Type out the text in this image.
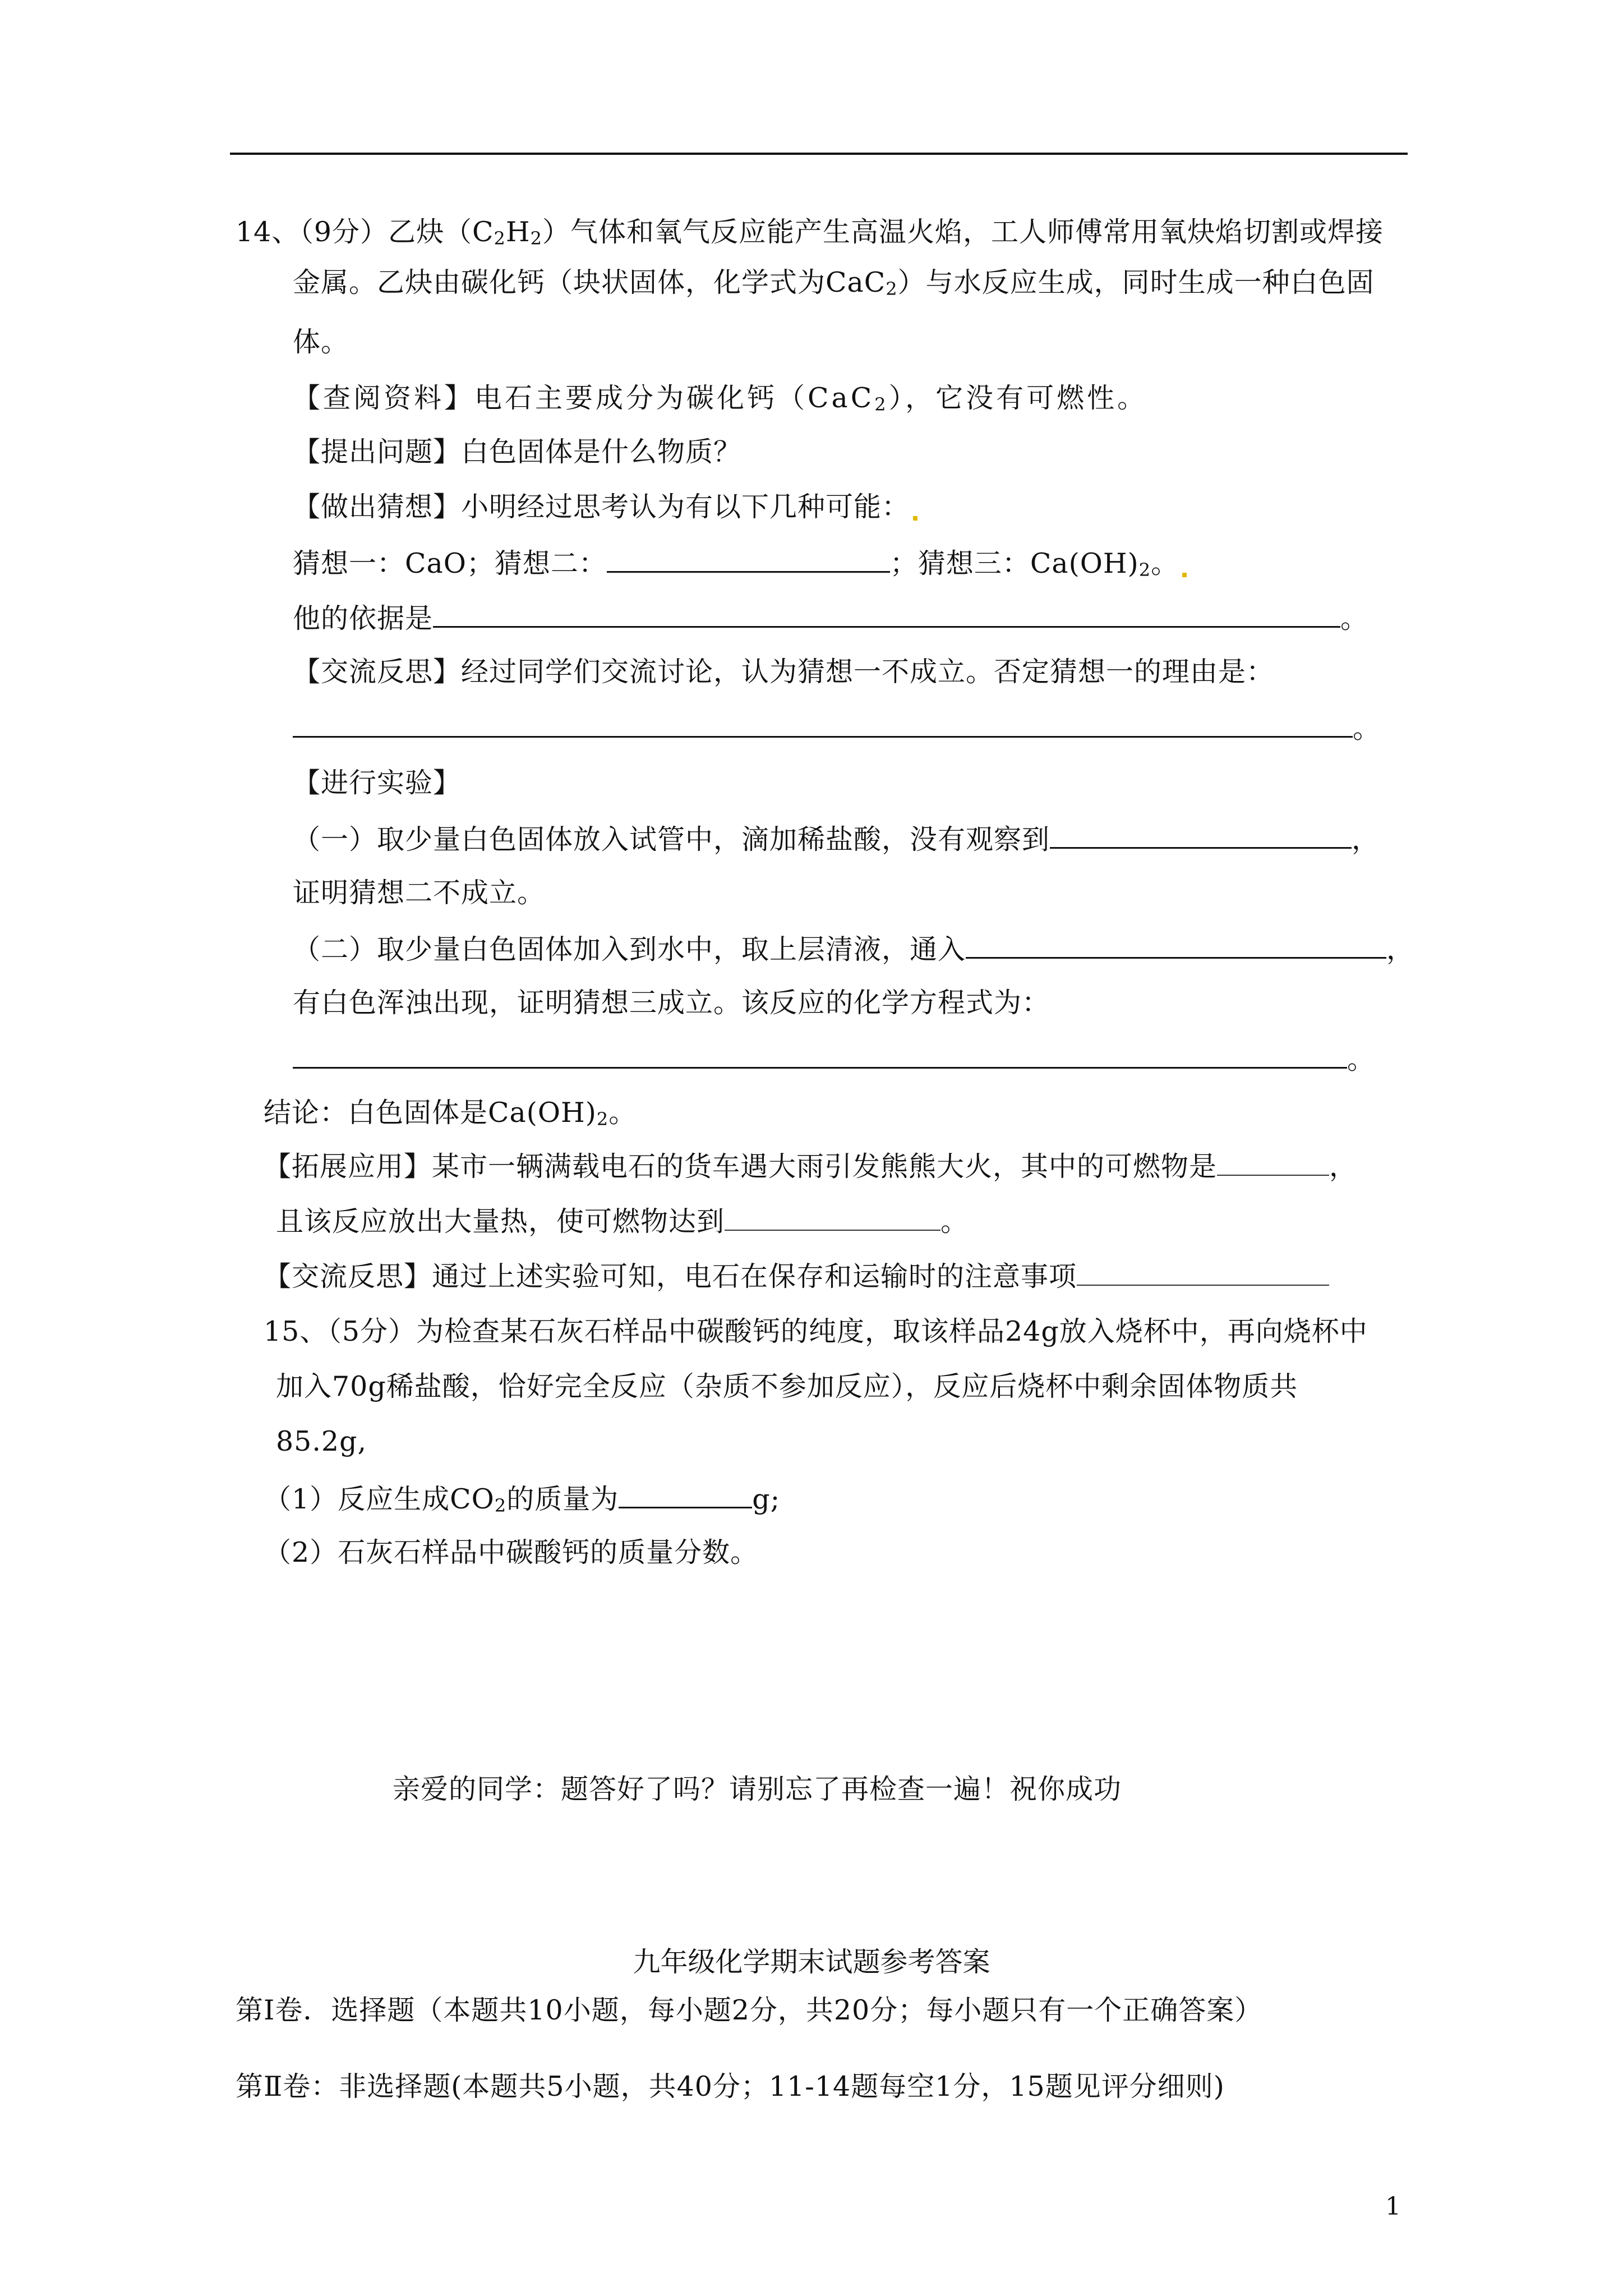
14、（9分）乙炔$(C_2H_2)$气体和氧气反应能产生高温火焰，工人师傅常用氧炔焰切割或焊接
金属。乙炔由碳化钙（块状固体，化学式为CaC$_2$）与水反应生成，同时生成一种白色固
体。
【查阅资料】电石主要成分为碳化钙（CaC$_2$），它没有可燃性。
【提出问题】白色固体是什么物质？
【做出猜想】小明经过思考认为有以下几种可能：
猜想一：CaO；猜想二：	；猜想三：$Ca(OH)_2$。
他的依据是	。
【交流反思】经过同学们交流讨论，认为猜想一不成立。否定猜想一的理由是：
。
【进行实验】
（一）取少量白色固体放入试管中，滴加稀盐酸，没有观察到	，
证明猜想二不成立。
（二）取少量白色固体加入到水中，取上层清液，通入	，
有白色浑浊出现，证明猜想三成立。该反应的化学方程式为：
。
结论：白色固体是$Ca(OH)_2$。
【拓展应用】某市一辆满载电石的货车遇大雨引发熊熊大火，其中的可燃物是	，
且该反应放出大量热，使可燃物达到	。
【交流反思】通过上述实验可知，电石在保存和运输时的注意事项
15、（5分）为检查某石灰石样品中碳酸钙的纯度，取该样品24g放入烧杯中，再向烧杯中
加入70g稀盐酸，恰好完全反应（杂质不参加反应），反应后烧杯中剩余固体物质共
85.2g,
（1）反应生成$CO_2$的质量为	g;
（2）石灰石样品中碳酸钙的质量分数。
亲爱的同学：题答好了吗？请别忘了再检查一遍！祝你成功
九年级化学期末试题参考答案
第Ⅰ卷．选择题（本题共10小题，每小题2分，共20分；每小题只有一个正确答案）
第Ⅱ卷：非选择题(本题共5小题，共40分；11-14题每空1分，15题见评分细则)
1
